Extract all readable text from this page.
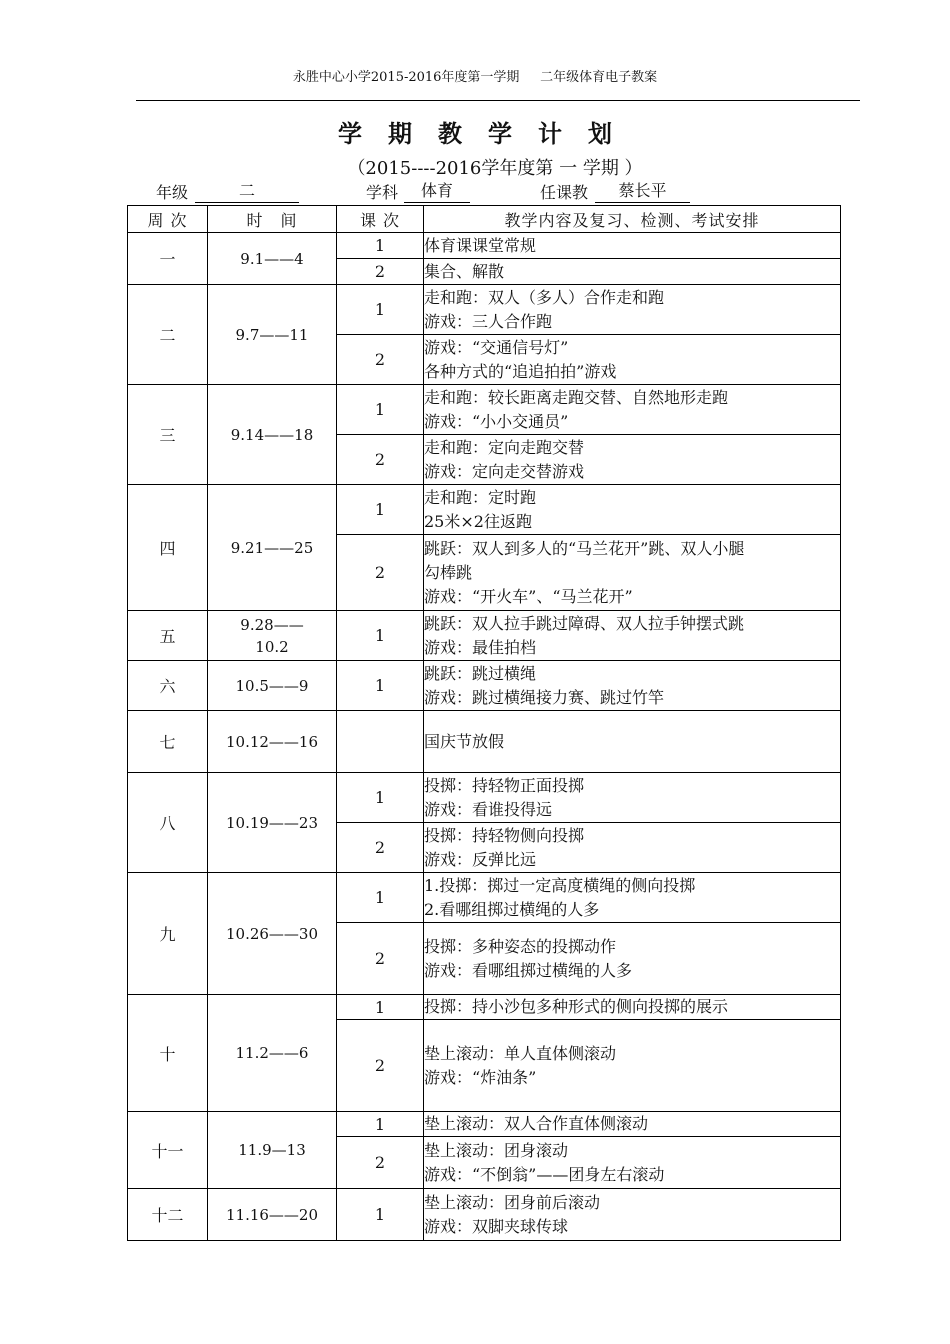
永胜中心小学2015-2016年度第一学期     二年级体育电子教案
学期教学计划
（2015----2016学年度第 一 学期 ）
年级	二	学科	体育	任课教	蔡长平
周 次	时　间	课 次	教学内容及复习、检测、考试安排
一	9.1——4	1	体育课课堂常规

		2	集合、解散

二	9.7——11	1	走和跑：双人（多人）合作走和跑
游戏：三人合作跑

		2	游戏：“交通信号灯”
各种方式的“追追拍拍”游戏

三	9.14——18	1	走和跑：较长距离走跑交替、自然地形走跑
游戏：“小小交通员”

		2	走和跑：定向走跑交替
游戏：定向走交替游戏

四	9.21——25	1	走和跑：定时跑
25米×2往返跑

		2	跳跃：双人到多人的“马兰花开”跳、双人小腿
勾棒跳
游戏：“开火车”、“马兰花开”

五	9.28——10.2	1	跳跃：双人拉手跳过障碍、双人拉手钟摆式跳
游戏：最佳拍档

六	10.5——9	1	跳跃：跳过横绳
游戏：跳过横绳接力赛、跳过竹竿

七	10.12——16		国庆节放假

八	10.19——23	1	投掷：持轻物正面投掷
游戏：看谁投得远

		2	投掷：持轻物侧向投掷
游戏：反弹比远

九	10.26——30	1	1.投掷：掷过一定高度横绳的侧向投掷
2.看哪组掷过横绳的人多

		2	投掷：多种姿态的投掷动作
游戏：看哪组掷过横绳的人多

十	11.2——6	1	投掷：持小沙包多种形式的侧向投掷的展示

		2	垫上滚动：单人直体侧滚动
游戏：“炸油条”

十一	11.9—13	1	垫上滚动：双人合作直体侧滚动

		2	垫上滚动：团身滚动
游戏：“不倒翁”——团身左右滚动

十二	11.16——20	1	垫上滚动：团身前后滚动
游戏：双脚夹球传球
